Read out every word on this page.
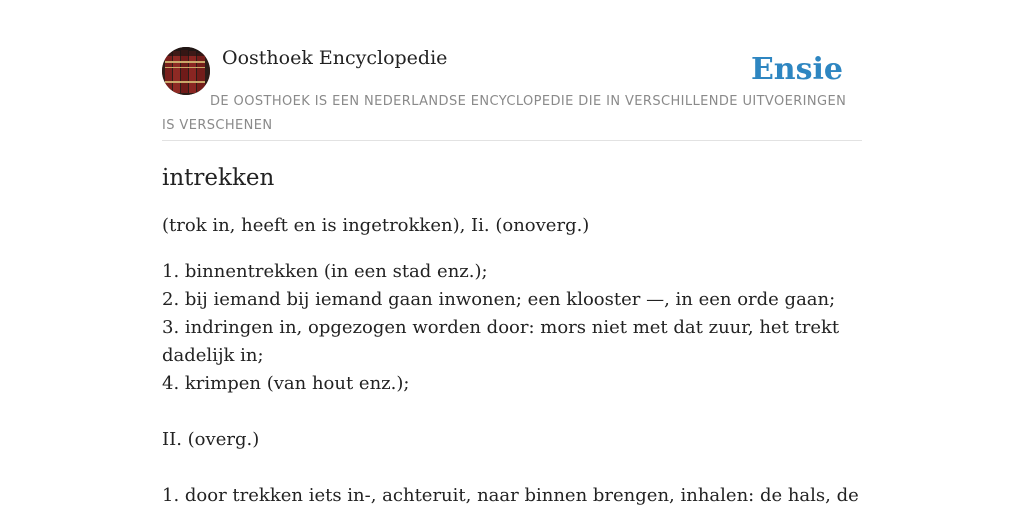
Oosthoek Encyclopedie	Ensie
DE OOSTHOEK IS EEN NEDERLANDSE ENCYCLOPEDIE DIE IN VERSCHILLENDE UITVOERINGEN IS VERSCHENEN
intrekken
(trok in, heeft en is ingetrokken), Ii. (onoverg.)
1. binnentrekken (in een stad enz.);
2. bij iemand bij iemand gaan inwonen; een klooster —, in een orde gaan;
3. indringen in, opgezogen worden door: mors niet met dat zuur, het trekt dadelijk in;
4. krimpen (van hout enz.);
II. (overg.)
1. door trekken iets in-, achteruit, naar binnen brengen, inhalen: de hals, de
